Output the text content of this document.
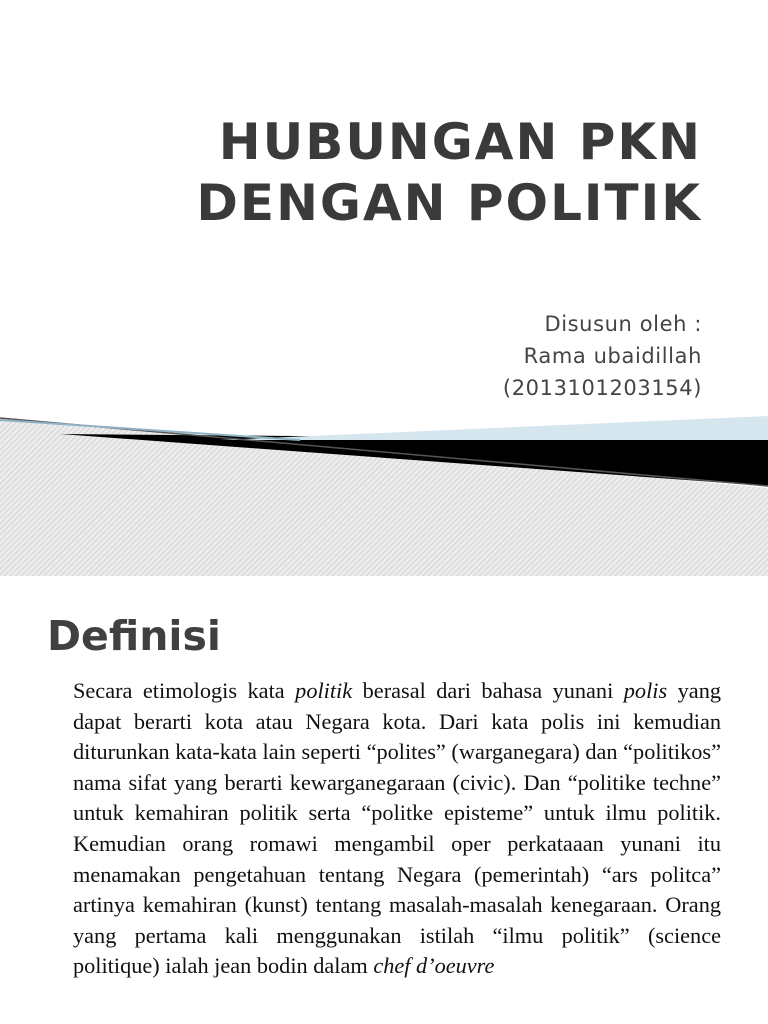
HUBUNGAN PKN
DENGAN POLITIK
Disusun oleh :
Rama ubaidillah
(2013101203154)
Definisi

Secara etimologis kata politik berasal dari bahasa yunani polis yang dapat berarti kota atau Negara kota. Dari kata polis ini kemudian diturunkan kata-kata lain seperti “polites” (warganegara) dan “politikos” nama sifat yang berarti kewarganegaraan (civic). Dan “politike techne” untuk kemahiran politik serta “politke episteme” untuk ilmu politik. Kemudian orang romawi mengambil oper perkataaan yunani itu menamakan pengetahuan tentang Negara (pemerintah) “ars politca” artinya kemahiran (kunst) tentang masalah-masalah kenegaraan. Orang yang pertama kali menggunakan istilah “ilmu politik” (science politique) ialah jean bodin dalam chef d’oeuvre
